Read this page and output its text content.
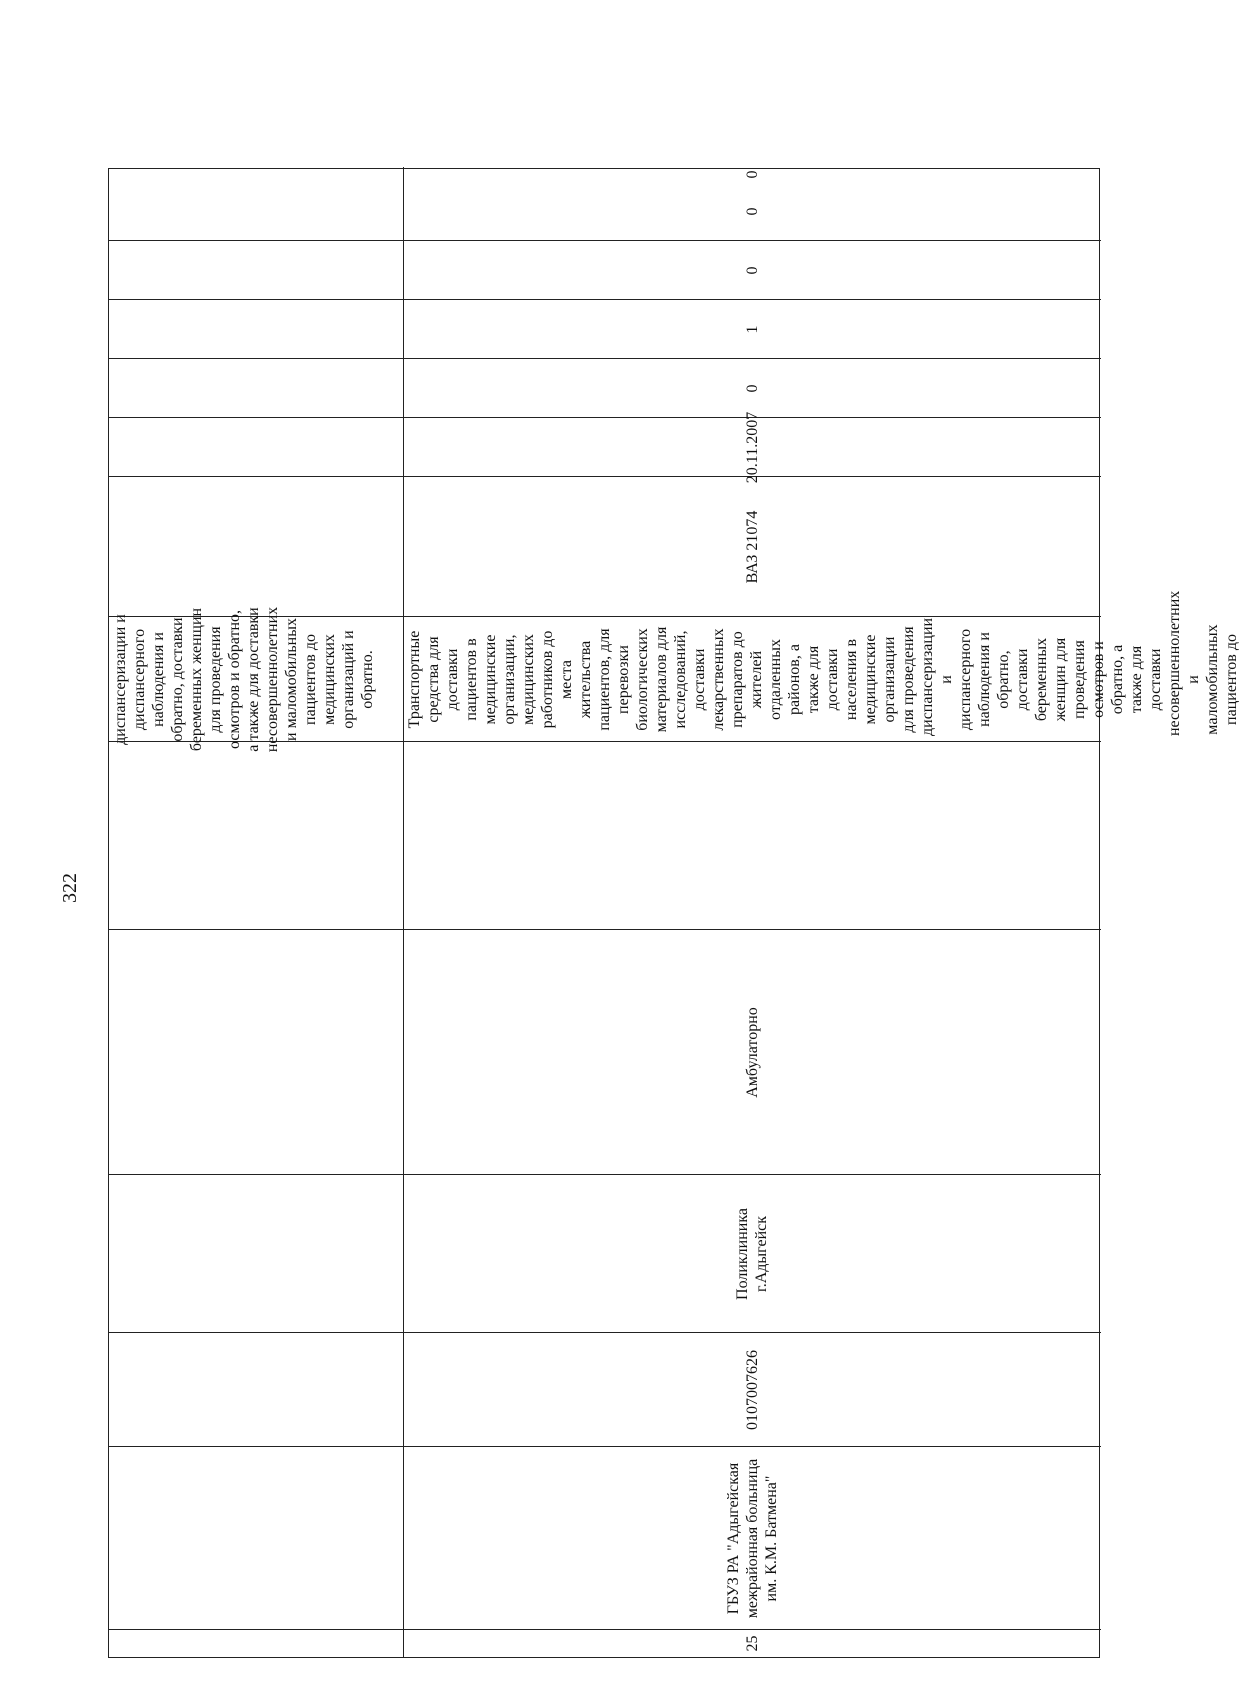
322
диспансеризации и диспансерного наблюдения и обратно, доставки беременных женщин для проведения осмотров и обратно, а также для доставки несовершеннолетних и маломобильных пациентов до медицинских организаций и обратно.
25
ГБУЗ РА "Адыгейская межрайонная больница им. К.М. Батмена"
0107007626
Поликлиника г.Адыгейск
Амбулаторно
Транспортные средства для доставки пациентов в медицинские организации, медицинских работников до места жительства пациентов, для перевозки биологических материалов для исследований, доставки лекарственных препаратов до жителей отдаленных районов, а также для доставки населения в медицинские организации для проведения диспансеризации и диспансерного наблюдения и обратно, доставки беременных женщин для проведения осмотров и обратно, а также для доставки несовершеннолетних и маломобильных пациентов до
ВАЗ 21074
20.11.2007
0
1
0
0
0
